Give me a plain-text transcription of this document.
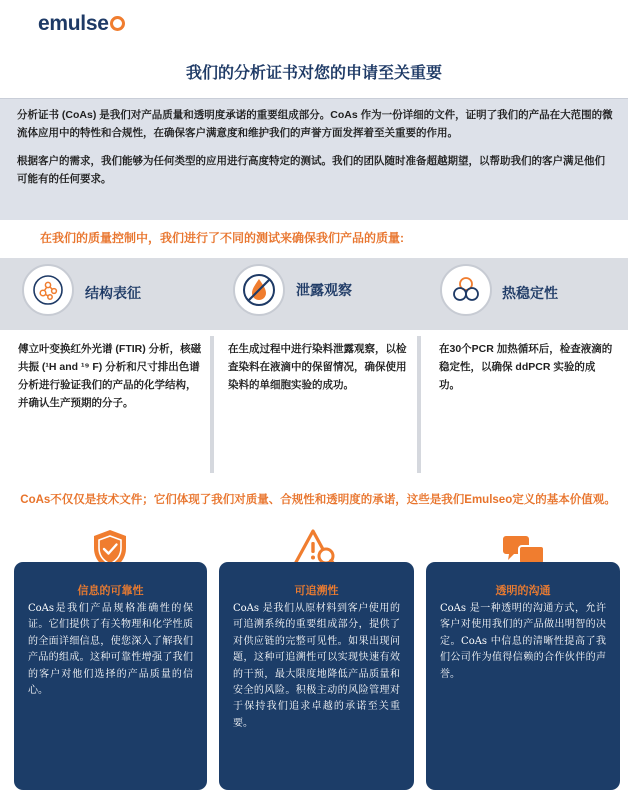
emulse
我们的分析证书对您的申请至关重要

分析证书 (CoAs) 是我们对产品质量和透明度承诺的重要组成部分。CoAs 作为一份详细的文件，证明了我们的产品在大范围的微流体应用中的特性和合规性，在确保客户满意度和维护我们的声誉方面发挥着至关重要的作用。

根据客户的需求，我们能够为任何类型的应用进行高度特定的测试。我们的团队随时准备超越期望，以帮助我们的客户满足他们可能有的任何要求。

在我们的质量控制中，我们进行了不同的测试来确保我们产品的质量:
结构表征	泄露观察	热稳定性
傅立叶变换红外光谱 (FTIR) 分析，核磁共振 (¹H and ¹⁹ F) 分析和尺寸排出色谱分析进行验证我们的产品的化学结构，并确认生产预期的分子。
在生成过程中进行染料泄露观察，以检查染料在液滴中的保留情况，确保使用染料的单细胞实验的成功。
在30个PCR 加热循环后，检查液滴的稳定性，以确保 ddPCR 实验的成功。
CoAs不仅仅是技术文件；它们体现了我们对质量、合规性和透明度的承诺，这些是我们Emulseo定义的基本价值观。
信息的可靠性
CoAs是我们产品规格准确性的保证。它们提供了有关物理和化学性质的全面详细信息，使您深入了解我们产品的组成。这种可靠性增强了我们的客户对他们选择的产品质量的信心。
可追溯性
CoAs 是我们从原材料到客户使用的可追溯系统的重要组成部分，提供了对供应链的完整可见性。如果出现问题，这种可追溯性可以实现快速有效的干预，最大限度地降低产品质量和安全的风险。积极主动的风险管理对于保持我们追求卓越的承诺至关重要。
透明的沟通
CoAs 是一种透明的沟通方式，允许客户对使用我们的产品做出明智的决定。CoAs 中信息的清晰性提高了我们公司作为值得信赖的合作伙伴的声誉。
